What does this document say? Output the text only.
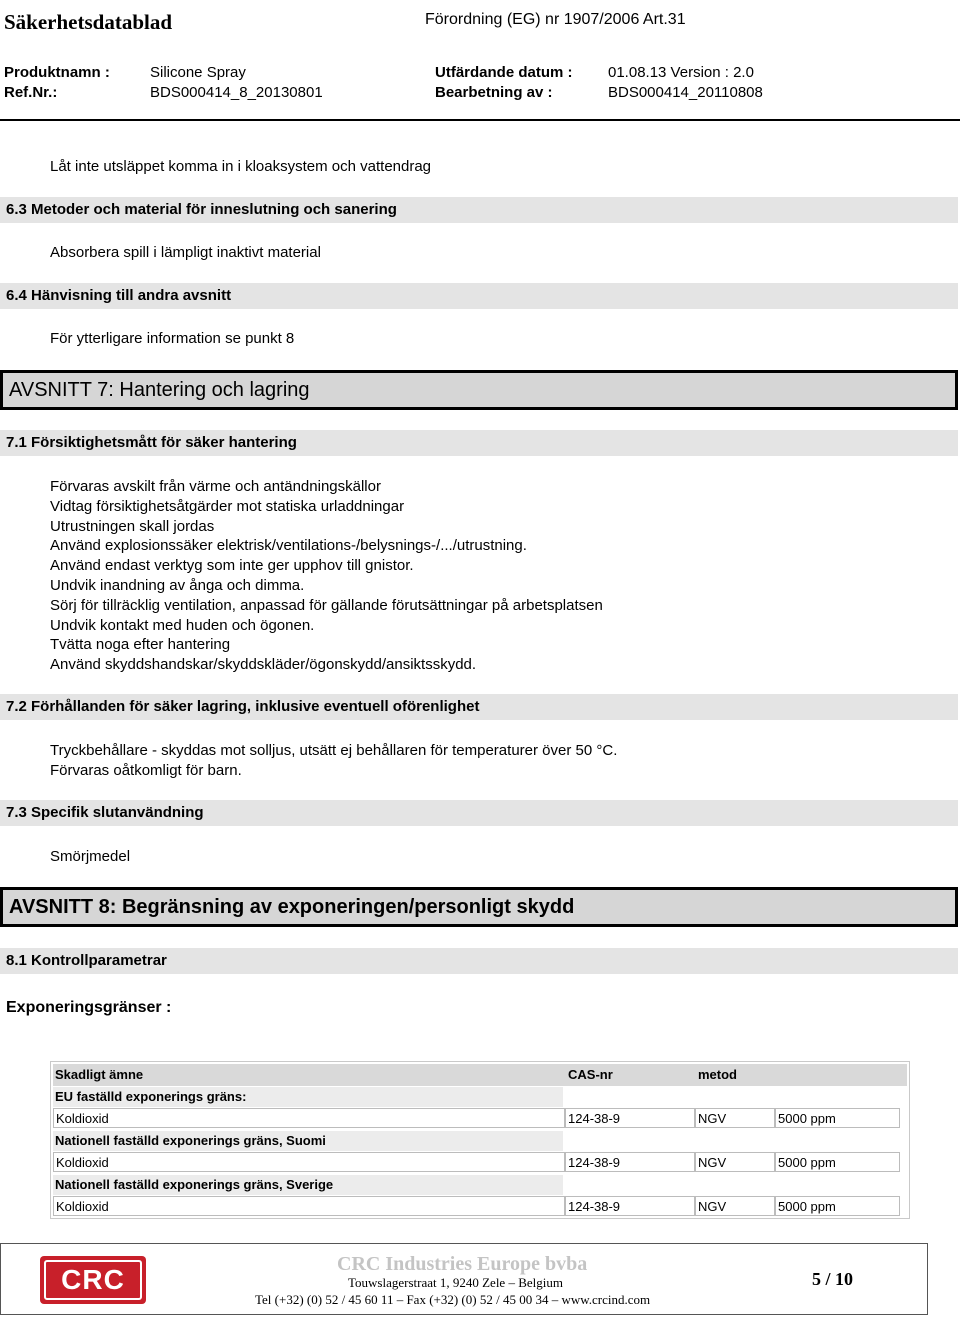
Säkerhetsdatablad	Förordning (EG) nr 1907/2006 Art.31
Produktnamn :	Silicone Spray	Utfärdande datum : 01.08.13 Version : 2.0
Ref.Nr.:	BDS000414_8_20130801	Bearbetning av :	BDS000414_20110808
Låt inte utsläppet komma in i kloaksystem och vattendrag
6.3 Metoder och material för inneslutning och sanering
Absorbera spill i lämpligt inaktivt material
6.4 Hänvisning till andra avsnitt
För ytterligare information se punkt 8
AVSNITT 7: Hantering och lagring
7.1 Försiktighetsmått för säker hantering
Förvaras avskilt från värme och antändningskällor
Vidtag försiktighetsåtgärder mot statiska urladdningar
Utrustningen skall jordas
Använd explosionssäker elektrisk/ventilations-/belysnings-/.../utrustning.
Använd endast verktyg som inte ger upphov till gnistor.
Undvik inandning av ånga och dimma.
Sörj för tillräcklig ventilation, anpassad för gällande förutsättningar på arbetsplatsen
Undvik kontakt med huden och ögonen.
Tvätta noga efter hantering
Använd skyddshandskar/skyddskläder/ögonskydd/ansiktsskydd.
7.2 Förhållanden för säker lagring, inklusive eventuell oförenlighet
Tryckbehållare - skyddas mot solljus, utsätt ej behållaren för temperaturer över 50 °C.
Förvaras oåtkomligt för barn.
7.3 Specifik slutanvändning
Smörjmedel
AVSNITT 8: Begränsning av exponeringen/personligt skydd
8.1 Kontrollparametrar
Exponeringsgränser :
Skadligt ämne	CAS-nr	metod
EU faställd exponerings gräns:
Koldioxid	124-38-9	NGV	5000 ppm
Nationell faställd exponerings gräns, Suomi
Koldioxid	124-38-9	NGV	5000 ppm
Nationell faställd exponerings gräns, Sverige
Koldioxid	124-38-9	NGV	5000 ppm
CRC	CRC Industries Europe bvba
Touwslagerstraat 1, 9240 Zele – Belgium
Tel (+32) (0) 52 / 45 60 11 – Fax (+32) (0) 52 / 45 00 34 – www.crcind.com
5 / 10
